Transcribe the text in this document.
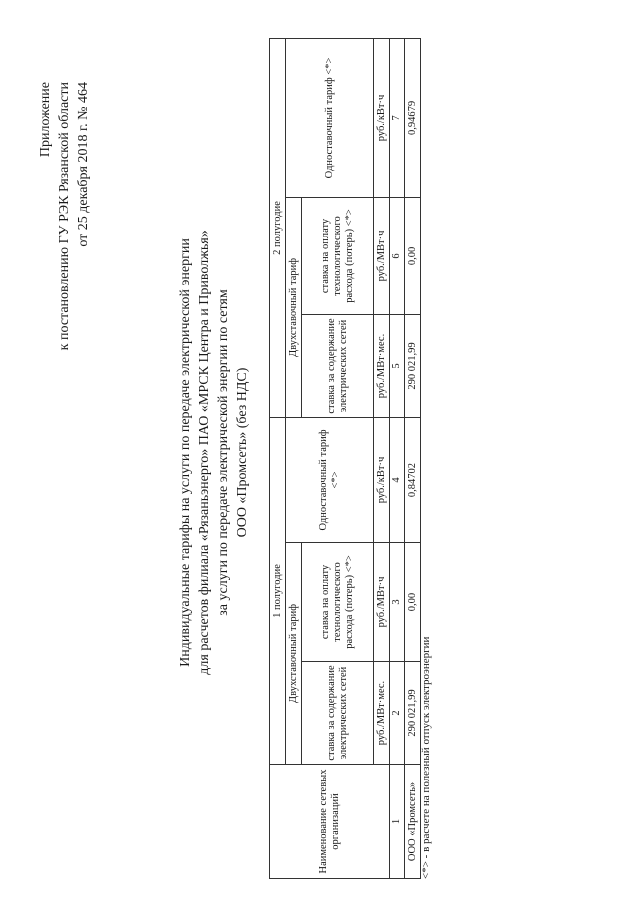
Приложение к постановлению ГУ РЭК Рязанской области от 25 декабря 2018 г. № 464
Индивидуальные тарифы на услуги по передаче электрической энергии для расчетов филиала «Рязаньэнерго» ПАО «МРСК Центра и Приволжья» за услуги по передаче электрической энергии по сетям ООО «Промсеть» (без НДС)
Наименование сетевых организаций	1 полугодие			2 полугодие		
	Двухставочный тариф		Одноставочный тариф <*>	Двухставочный тариф		Одноставочный тариф <*>
	ставка за содержание электрических сетей	ставка на оплату технологического расхода (потерь) <*>		ставка за содержание электрических сетей	ставка на оплату технологического расхода (потерь) <*>	
	руб./МВт·мес.	руб./МВт·ч	руб./кВт·ч	руб./МВт·мес.	руб./МВт·ч	руб./кВт·ч
1	2	3	4	5	6	7
ООО «Промсеть»	290 021,99	0,00	0,84702	290 021,99	0,00	0,94679
<*> - в расчете на полезный отпуск электроэнергии
